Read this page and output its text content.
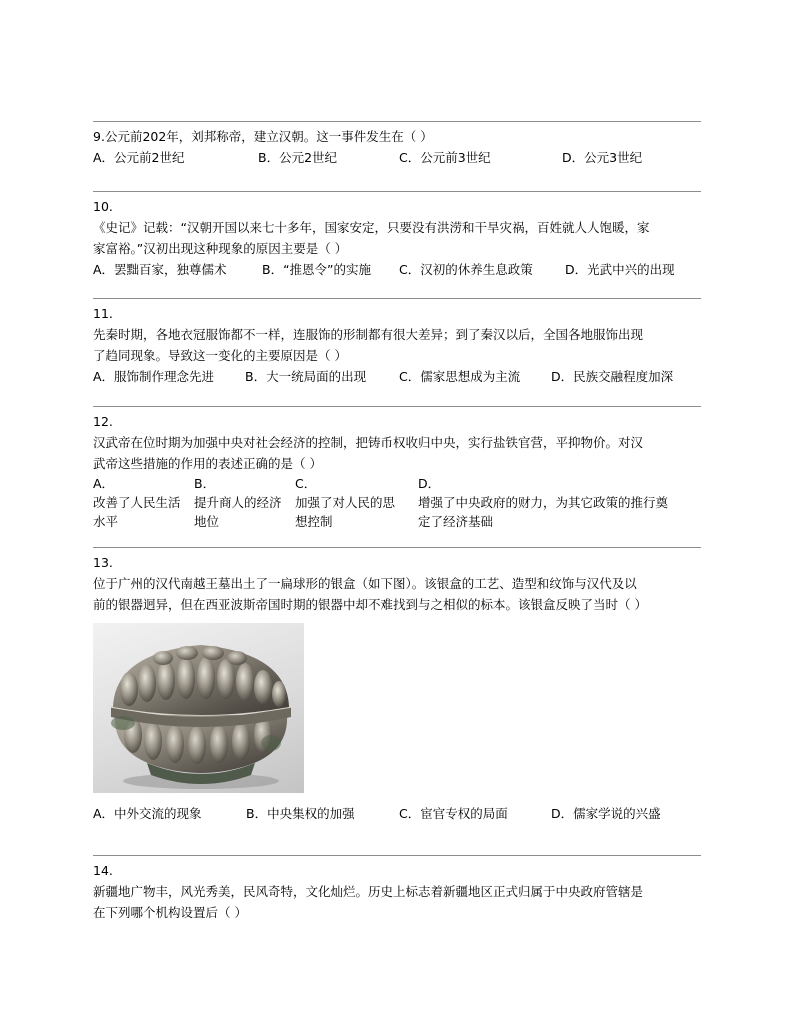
9.公元前202年，刘邦称帝，建立汉朝。这一事件发生在（ ）
A．公元前2世纪	B．公元2世纪	C．公元前3世纪	D．公元3世纪
10.
《史记》记载：“汉朝开国以来七十多年，国家安定，只要没有洪涝和干旱灾祸，百姓就人人饱暖，家
家富裕。”汉初出现这种现象的原因主要是（ ）
A．罢黜百家，独尊儒术	B．“推恩令”的实施 C．汉初的休养生息政策	D．光武中兴的出现
11.
先秦时期，各地衣冠服饰都不一样，连服饰的形制都有很大差异；到了秦汉以后，全国各地服饰出现
了趋同现象。导致这一变化的主要原因是（ ）
A．服饰制作理念先进 B．大一统局面的出现	C．儒家思想成为主流 D．民族交融程度加深
12.
汉武帝在位时期为加强中央对社会经济的控制，把铸币权收归中央，实行盐铁官营，平抑物价。对汉
武帝这些措施的作用的表述正确的是（ ）
A．
改善了人民生活
水平
B．
提升商人的经济
地位
C．
加强了对人民的思
想控制
D．
增强了中央政府的财力，为其它政策的推行奠
定了经济基础
13.
位于广州的汉代南越王墓出土了一扁球形的银盒（如下图）。该银盒的工艺、造型和纹饰与汉代及以
前的银器迥异，但在西亚波斯帝国时期的银器中却不难找到与之相似的标本。该银盒反映了当时（ ）
A．中外交流的现象	B．中央集权的加强	C．宦官专权的局面	D．儒家学说的兴盛
14.
新疆地广物丰，风光秀美，民风奇特，文化灿烂。历史上标志着新疆地区正式归属于中央政府管辖是
在下列哪个机构设置后（ ）
